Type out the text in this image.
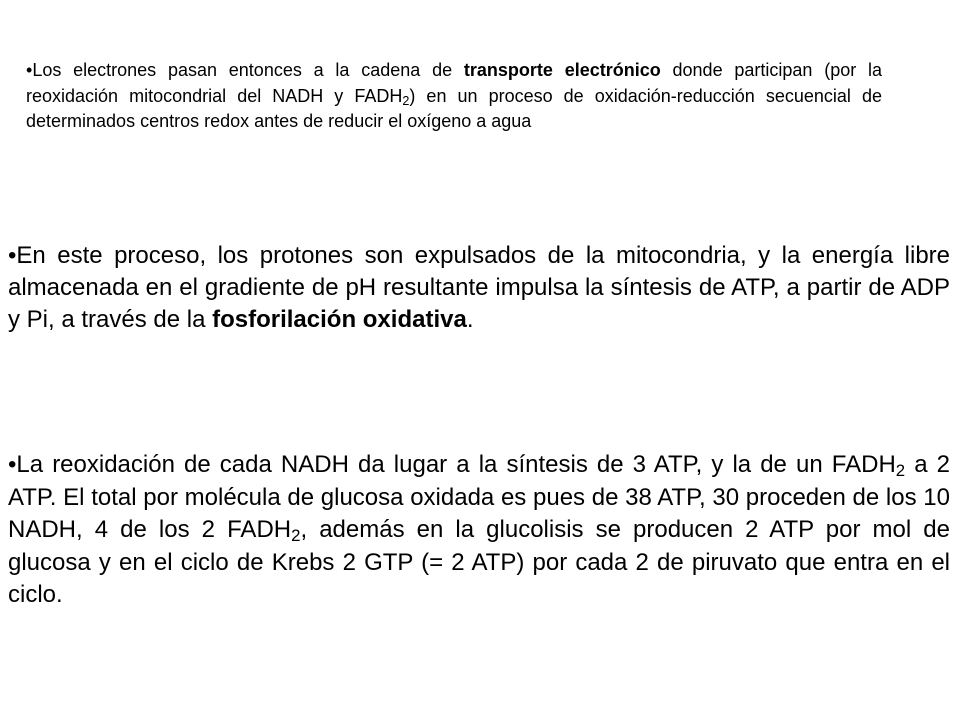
•Los electrones pasan entonces a la cadena de transporte electrónico donde participan (por la reoxidación mitocondrial del NADH y $FADH_2$) en un proceso de oxidación-reducción secuencial de determinados centros redox antes de reducir el oxígeno a agua

•En este proceso, los protones son expulsados de la mitocondria, y la energía libre almacenada en el gradiente de pH resultante impulsa la síntesis de ATP, a partir de ADP y Pi, a través de la fosforilación oxidativa.

•La reoxidación de cada NADH da lugar a la síntesis de 3 ATP, y la de un $FADH_2$ a 2 ATP. El total por molécula de glucosa oxidada es pues de 38 ATP, 30 proceden de los 10 NADH, 4 de los 2 $FADH_2$, además en la glucolisis se producen 2 ATP por mol de glucosa y en el ciclo de Krebs 2 GTP (= 2 ATP) por cada 2 de piruvato que entra en el ciclo.
